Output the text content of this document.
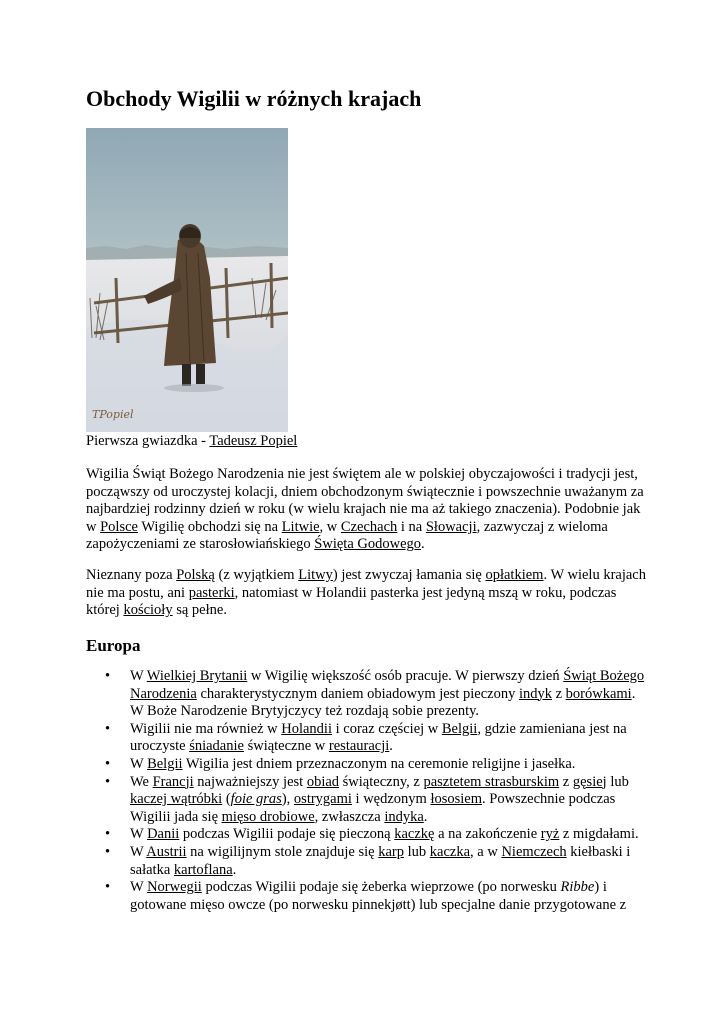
Obchody Wigilii w różnych krajach
TPopiel
Pierwsza gwiazdka - Tadeusz Popiel

Wigilia Świąt Bożego Narodzenia nie jest świętem ale w polskiej obyczajowości i tradycji jest, począwszy od uroczystej kolacji, dniem obchodzonym świątecznie i powszechnie uważanym za najbardziej rodzinny dzień w roku (w wielu krajach nie ma aż takiego znaczenia). Podobnie jak w Polsce Wigilię obchodzi się na Litwie, w Czechach i na Słowacji, zazwyczaj z wieloma zapożyczeniami ze starosłowiańskiego Święta Godowego.

Nieznany poza Polską (z wyjątkiem Litwy) jest zwyczaj łamania się opłatkiem. W wielu krajach nie ma postu, ani pasterki, natomiast w Holandii pasterka jest jedyną mszą w roku, podczas której kościoły są pełne.

Europa
• W Wielkiej Brytanii w Wigilię większość osób pracuje. W pierwszy dzień Świąt Bożego Narodzenia charakterystycznym daniem obiadowym jest pieczony indyk z borówkami. W Boże Narodzenie Brytyjczycy też rozdają sobie prezenty.
• Wigilii nie ma również w Holandii i coraz częściej w Belgii, gdzie zamieniana jest na uroczyste śniadanie świąteczne w restauracji.
• W Belgii Wigilia jest dniem przeznaczonym na ceremonie religijne i jasełka.
• We Francji najważniejszy jest obiad świąteczny, z pasztetem strasburskim z gęsiej lub kaczej wątróbki (foie gras), ostrygami i wędzonym łososiem. Powszechnie podczas Wigilii jada się mięso drobiowe, zwłaszcza indyka.
• W Danii podczas Wigilii podaje się pieczoną kaczkę a na zakończenie ryż z migdałami.
• W Austrii na wigilijnym stole znajduje się karp lub kaczka, a w Niemczech kiełbaski i sałatka kartoflana.
• W Norwegii podczas Wigilii podaje się żeberka wieprzowe (po norwesku Ribbe) i gotowane mięso owcze (po norwesku pinnekjøtt) lub specjalne danie przygotowane z
